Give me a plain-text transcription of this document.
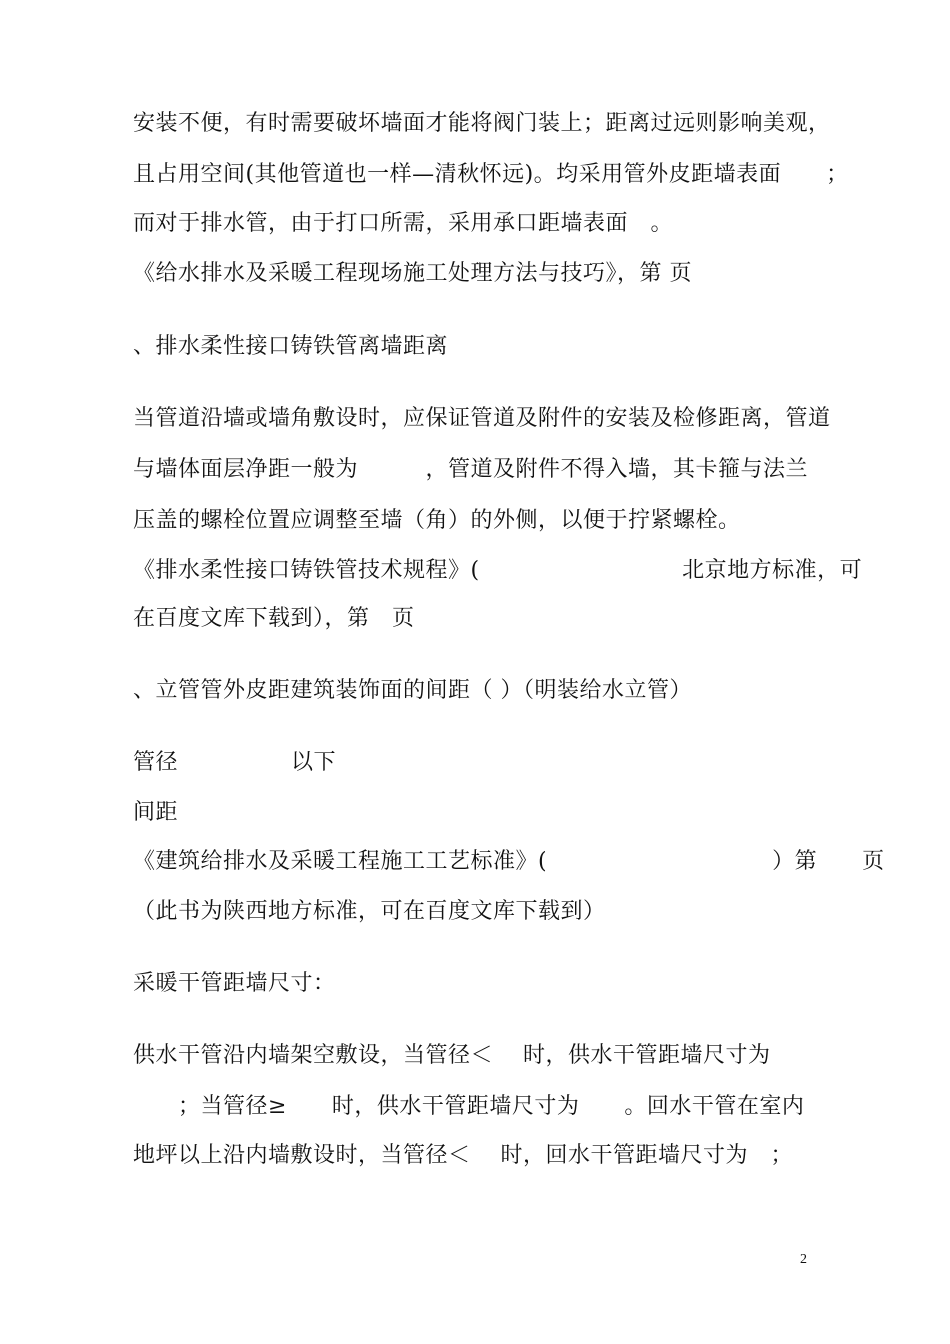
安装不便，有时需要破坏墙面才能将阀门装上；距离过远则影响美观，
且占用空间(其他管道也一样—清秋怀远)。均采用管外皮距墙表面　　；
而对于排水管，由于打口所需，采用承口距墙表面　。
《给水排水及采暖工程现场施工处理方法与技巧》，第 页
、排水柔性接口铸铁管离墙距离
当管道沿墙或墙角敷设时，应保证管道及附件的安装及检修距离，管道
与墙体面层净距一般为　　　，管道及附件不得入墙，其卡箍与法兰
压盖的螺栓位置应调整至墙（角）的外侧，以便于拧紧螺栓。
《排水柔性接口铸铁管技术规程》(　　　　　　　　　北京地方标准，可
在百度文库下载到），第　页
、立管管外皮距建筑装饰面的间距（ ）（明装给水立管）
管径	以下
间距
《建筑给排水及采暖工程施工工艺标准》(　　　　　　　　　　）第　　页
（此书为陕西地方标准，可在百度文库下载到）
采暖干管距墙尺寸：
供水干管沿内墙架空敷设，当管径＜　 时，供水干管距墙尺寸为
　　；当管径≥　　时，供水干管距墙尺寸为　　。回水干管在室内
地坪以上沿内墙敷设时，当管径＜　 时，回水干管距墙尺寸为　；
2
